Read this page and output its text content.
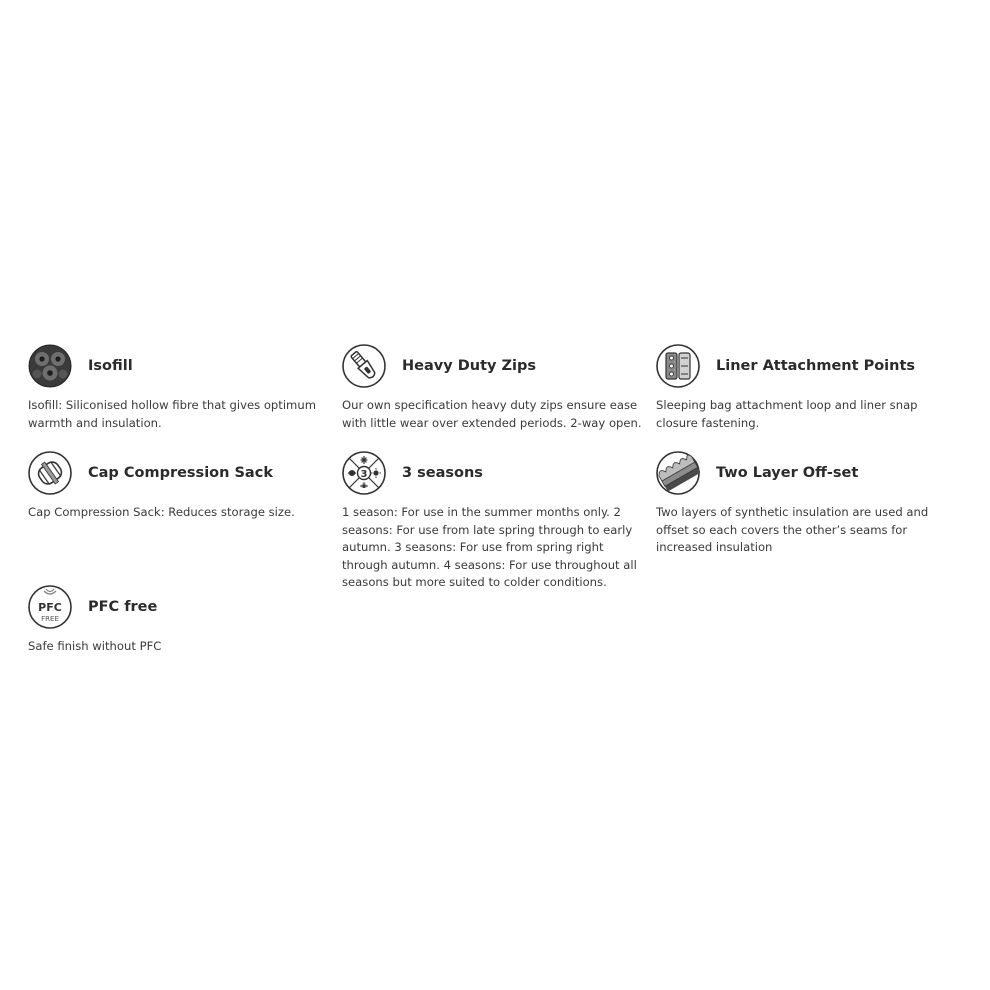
Isofill
Isofill: Siliconised hollow fibre that gives optimum warmth and insulation.
Heavy Duty Zips
Our own specification heavy duty zips ensure ease with little wear over extended periods. 2-way open.
Liner Attachment Points
Sleeping bag attachment loop and liner snap closure fastening.
Cap Compression Sack
Cap Compression Sack: Reduces storage size.
3 3 seasons
1 season: For use in the summer months only. 2 seasons: For use from late spring through to early autumn. 3 seasons: For use from spring right through autumn. 4 seasons: For use throughout all seasons but more suited to colder conditions.
Two Layer Off-set
Two layers of synthetic insulation are used and offset so each covers the other’s seams for increased insulation
PFC
FREE
PFC free
Safe finish without PFC
